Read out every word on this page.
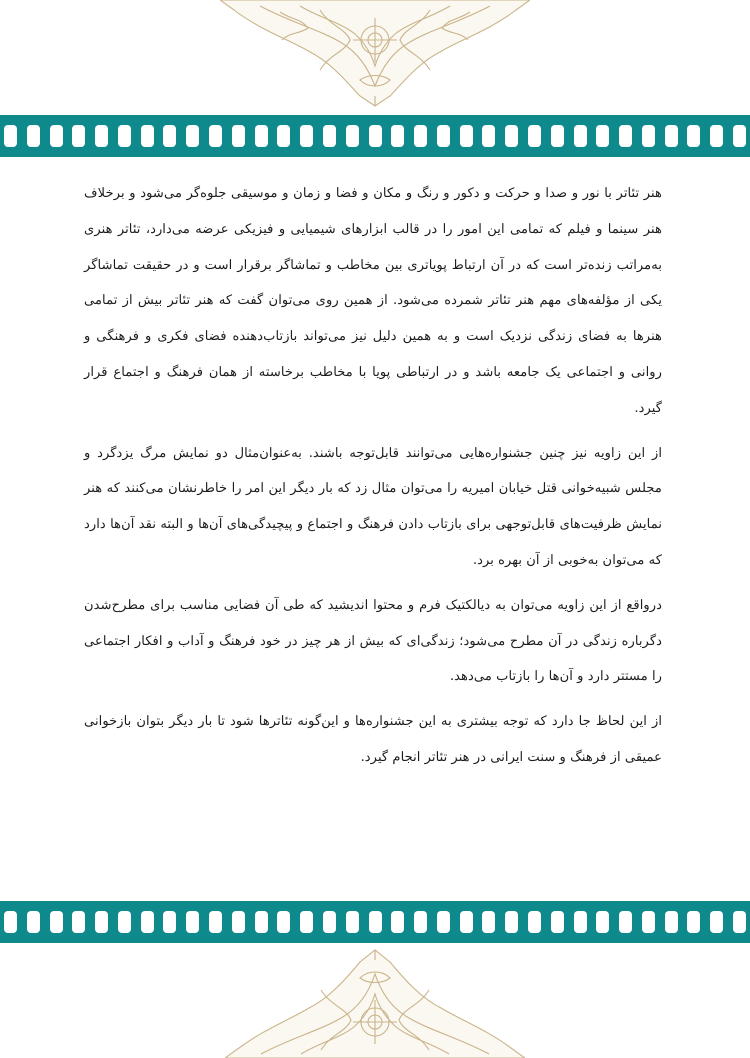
هنر تئاتر با نور و صدا و حرکت و دکور و رنگ و مکان و فضا و زمان و موسیقی جلوه‌گر می‌شود و برخلاف هنر سینما و فیلم که تمامی این امور را در قالب ابزارهای شیمیایی و فیزیکی عرضه می‌دارد، تئاتر هنری به‌مراتب زنده‌تر است که در آن ارتباط پویاتری بین مخاطب و تماشاگر برقرار است و در حقیقت تماشاگر یکی از مؤلفه‌های مهم هنر تئاتر شمرده می‌شود. از همین روی می‌توان گفت که هنر تئاتر بیش از تمامی هنرها به فضای زندگی نزدیک است و به همین دلیل نیز می‌تواند بازتاب‌دهنده فضای فکری و فرهنگی و روانی و اجتماعی یک جامعه باشد و در ارتباطی پویا با مخاطب برخاسته از همان فرهنگ و اجتماع قرار گیرد.

از این زاویه نیز چنین جشنواره‌هایی می‌توانند قابل‌توجه باشند. به‌عنوان‌مثال دو نمایش مرگ یزدگرد و مجلس شبیه‌خوانی قتل خیابان امیریه را می‌توان مثال زد که بار دیگر این امر را خاطرنشان می‌کنند که هنر نمایش ظرفیت‌های قابل‌توجهی برای بازتاب دادن فرهنگ و اجتماع و پیچیدگی‌های آن‌ها و البته نقد آن‌ها دارد که می‌توان به‌خوبی از آن بهره برد.

درواقع از این زاویه می‌توان به دیالکتیک فرم و محتوا اندیشید که طی آن فضایی مناسب برای مطرح‌شدن دگرباره زندگی در آن مطرح می‌شود؛ زندگی‌ای که بیش از هر چیز در خود فرهنگ و آداب و افکار اجتماعی را مستتر دارد و آن‌ها را بازتاب می‌دهد.

از این لحاظ جا دارد که توجه بیشتری به این جشنواره‌ها و این‌گونه تئاترها شود تا بار دیگر بتوان بازخوانی عمیقی از فرهنگ و سنت ایرانی در هنر تئاتر انجام گیرد.
